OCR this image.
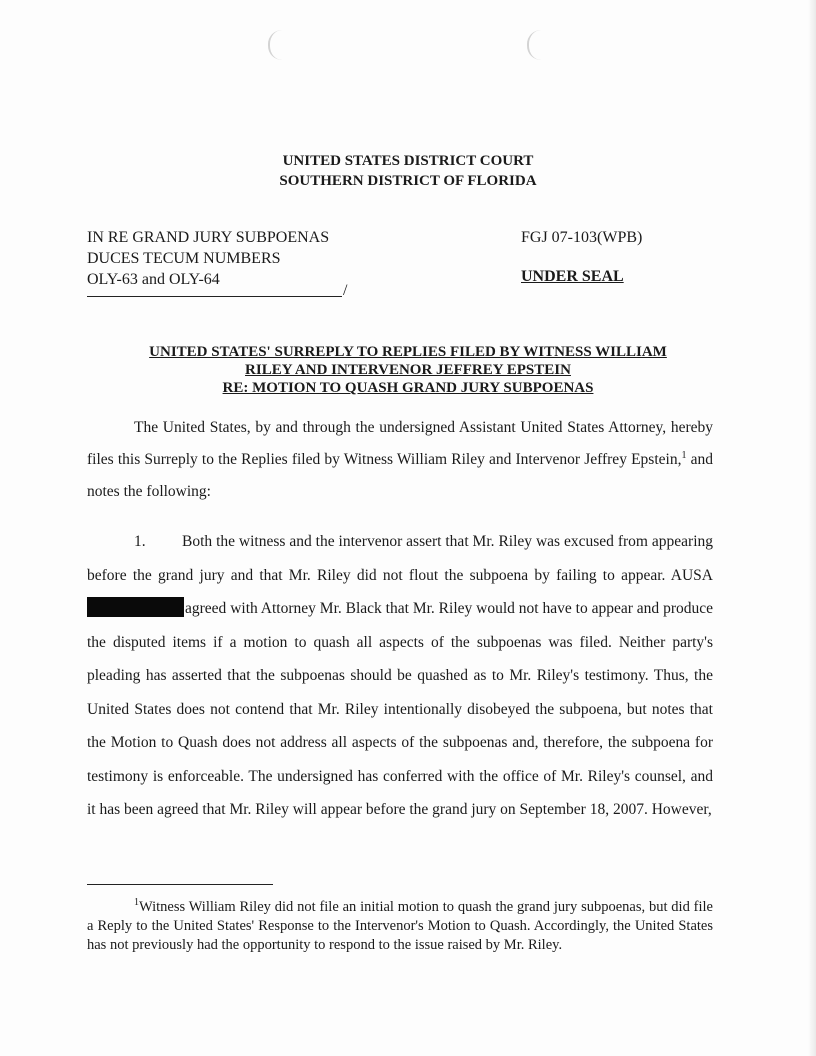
UNITED STATES DISTRICT COURT
SOUTHERN DISTRICT OF FLORIDA
IN RE GRAND JURY SUBPOENAS
DUCES TECUM NUMBERS
OLY-63 and OLY-64
/
FGJ 07-103(WPB)
UNDER SEAL
UNITED STATES' SURREPLY TO REPLIES FILED BY WITNESS WILLIAM
RILEY AND INTERVENOR JEFFREY EPSTEIN
RE: MOTION TO QUASH GRAND JURY SUBPOENAS
The United States, by and through the undersigned Assistant United States Attorney, hereby files this Surreply to the Replies filed by Witness William Riley and Intervenor Jeffrey Epstein,$^1$ and notes the following:
1. Both the witness and the intervenor assert that Mr. Riley was excused from appearing before the grand jury and that Mr. Riley did not flout the subpoena by failing to appear. AUSA agreed with Attorney Mr. Black that Mr. Riley would not have to appear and produce the disputed items if a motion to quash all aspects of the subpoenas was filed. Neither party's pleading has asserted that the subpoenas should be quashed as to Mr. Riley's testimony. Thus, the United States does not contend that Mr. Riley intentionally disobeyed the subpoena, but notes that the Motion to Quash does not address all aspects of the subpoenas and, therefore, the subpoena for testimony is enforceable. The undersigned has conferred with the office of Mr. Riley's counsel, and it has been agreed that Mr. Riley will appear before the grand jury on September 18, 2007. However,
$^1$Witness William Riley did not file an initial motion to quash the grand jury subpoenas, but did file a Reply to the United States' Response to the Intervenor's Motion to Quash. Accordingly, the United States has not previously had the opportunity to respond to the issue raised by Mr. Riley.
